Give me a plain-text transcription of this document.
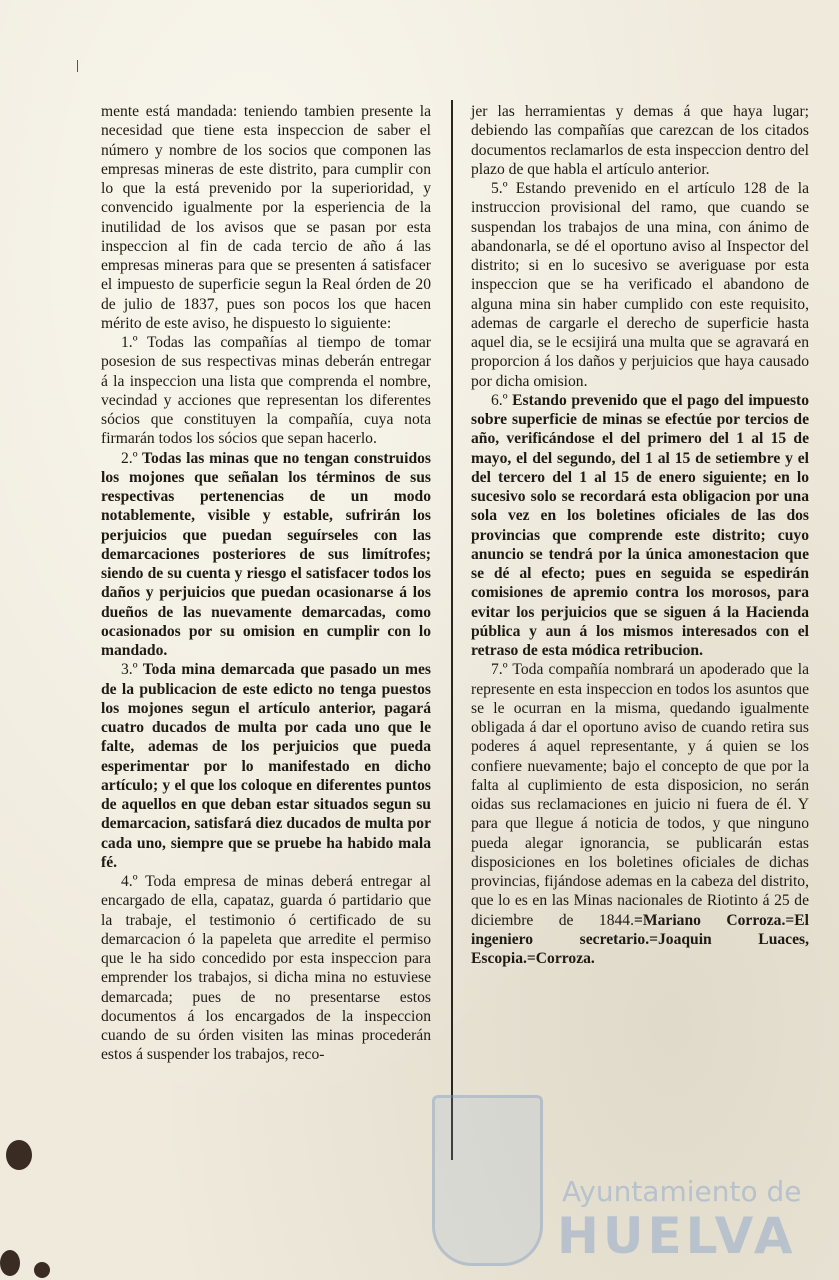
mente está mandada: teniendo tambien presente la necesidad que tiene esta inspeccion de saber el número y nombre de los socios que componen las empresas mineras de este distrito, para cumplir con lo que la está prevenido por la superioridad, y convencido igualmente por la esperiencia de la inutilidad de los avisos que se pasan por esta inspeccion al fin de cada tercio de año á las empresas mineras para que se presenten á satisfacer el impuesto de superficie segun la Real órden de 20 de julio de 1837, pues son pocos los que hacen mérito de este aviso, he dispuesto lo siguiente:

1.º Todas las compañías al tiempo de tomar posesion de sus respectivas minas deberán entregar á la inspeccion una lista que comprenda el nombre, vecindad y acciones que representan los diferentes sócios que constituyen la compañía, cuya nota firmarán todos los sócios que sepan hacerlo.

2.º Todas las minas que no tengan construidos los mojones que señalan los términos de sus respectivas pertenencias de un modo notablemente, visible y estable, sufrirán los perjuicios que puedan seguírseles con las demarcaciones posteriores de sus limítrofes; siendo de su cuenta y riesgo el satisfacer todos los daños y perjuicios que puedan ocasionarse á los dueños de las nuevamente demarcadas, como ocasionados por su omision en cumplir con lo mandado.

3.º Toda mina demarcada que pasado un mes de la publicacion de este edicto no tenga puestos los mojones segun el artículo anterior, pagará cuatro ducados de multa por cada uno que le falte, ademas de los perjuicios que pueda esperimentar por lo manifestado en dicho artículo; y el que los coloque en diferentes puntos de aquellos en que deban estar situados segun su demarcacion, satisfará diez ducados de multa por cada uno, siempre que se pruebe ha habido mala fé.

4.º Toda empresa de minas deberá entregar al encargado de ella, capataz, guarda ó partidario que la trabaje, el testimonio ó certificado de su demarcacion ó la papeleta que arredite el permiso que le ha sido concedido por esta inspeccion para emprender los trabajos, si dicha mina no estuviese demarcada; pues de no presentarse estos documentos á los encargados de la inspeccion cuando de su órden visiten las minas procederán estos á suspender los trabajos, reco-

jer las herramientas y demas á que haya lugar; debiendo las compañías que carezcan de los citados documentos reclamarlos de esta inspeccion dentro del plazo de que habla el artículo anterior.

5.º Estando prevenido en el artículo 128 de la instruccion provisional del ramo, que cuando se suspendan los trabajos de una mina, con ánimo de abandonarla, se dé el oportuno aviso al Inspector del distrito; si en lo sucesivo se averiguase por esta inspeccion que se ha verificado el abandono de alguna mina sin haber cumplido con este requisito, ademas de cargarle el derecho de superficie hasta aquel dia, se le ecsijirá una multa que se agravará en proporcion á los daños y perjuicios que haya causado por dicha omision.

6.º Estando prevenido que el pago del impuesto sobre superficie de minas se efectúe por tercios de año, verificándose el del primero del 1 al 15 de mayo, el del segundo, del 1 al 15 de setiembre y el del tercero del 1 al 15 de enero siguiente; en lo sucesivo solo se recordará esta obligacion por una sola vez en los boletines oficiales de las dos provincias que comprende este distrito; cuyo anuncio se tendrá por la única amonestacion que se dé al efecto; pues en seguida se espedirán comisiones de apremio contra los morosos, para evitar los perjuicios que se siguen á la Hacienda pública y aun á los mismos interesados con el retraso de esta módica retribucion.

7.º Toda compañía nombrará un apoderado que la represente en esta inspeccion en todos los asuntos que se le ocurran en la misma, quedando igualmente obligada á dar el oportuno aviso de cuando retira sus poderes á aquel representante, y á quien se los confiere nuevamente; bajo el concepto de que por la falta al cuplimiento de esta disposicion, no serán oidas sus reclamaciones en juicio ni fuera de él. Y para que llegue á noticia de todos, y que ninguno pueda alegar ignorancia, se publicarán estas disposiciones en los boletines oficiales de dichas provincias, fijándose ademas en la cabeza del distrito, que lo es en las Minas nacionales de Riotinto á 25 de diciembre de 1844.=Mariano Corroza.=El ingeniero secretario.=Joaquin Luaces, Escopia.=Corroza.

Ayuntamiento de
HUELVA
